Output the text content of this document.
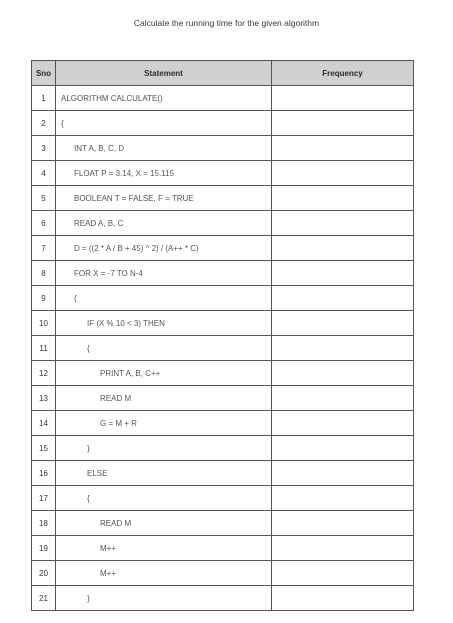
Calculate the running time for the given algorithm
Sno	Statement	Frequency
1	ALGORITHM CALCULATE()	
2	{	
3	INT A, B, C, D	
4	FLOAT P = 3.14, X = 15.115	
5	BOOLEAN T = FALSE, F = TRUE	
6	READ A, B, C	
7	D = ((2 * A / B + 45) ^ 2) / (A++ * C)	
8	FOR X = -7 TO N-4	
9	{	
10	IF (X % 10 < 3) THEN	
11	{	
12	PRINT A, B, C++	
13	READ M	
14	G = M + R	
15	}	
16	ELSE	
17	{	
18	READ M	
19	M++	
20	M++	
21	}	
